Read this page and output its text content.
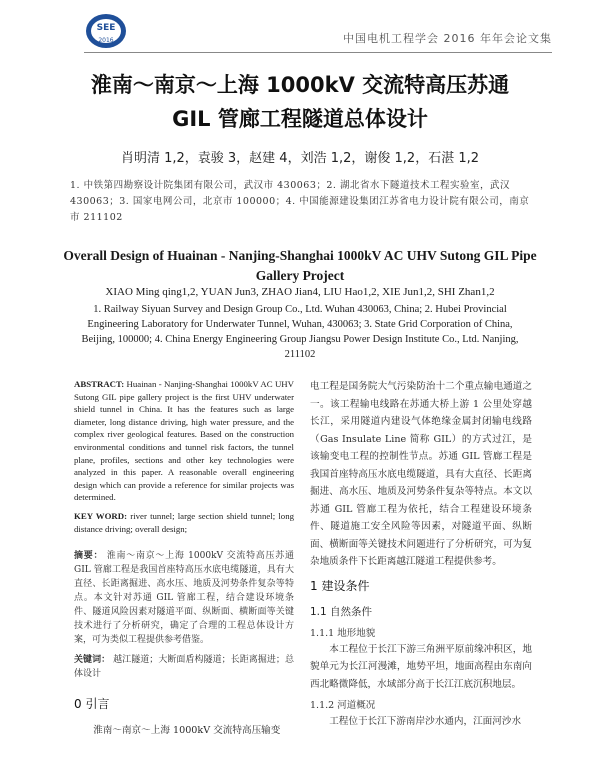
SEE
2016	中国电机工程学会 2016 年年会论文集
淮南～南京～上海 1000kV 交流特高压苏通
GIL 管廊工程隧道总体设计
肖明清 1,2，袁骏 3，赵建 4，刘浩 1,2，谢俊 1,2，石湛 1,2
1. 中铁第四勘察设计院集团有限公司，武汉市 430063；2. 湖北省水下隧道技术工程实验室，武汉 430063；3. 国家电网公司，北京市 100000；4. 中国能源建设集团江苏省电力设计院有限公司，南京市 211102
Overall Design of Huainan - Nanjing-Shanghai 1000kV AC UHV Sutong GIL Pipe Gallery Project
XIAO Ming qing1,2, YUAN Jun3, ZHAO Jian4, LIU Hao1,2, XIE Jun1,2, SHI Zhan1,2
1. Railway Siyuan Survey and Design Group Co., Ltd. Wuhan 430063, China; 2. Hubei Provincial Engineering Laboratory for Underwater Tunnel, Wuhan, 430063; 3. State Grid Corporation of China, Beijing, 100000; 4. China Energy Engineering Group Jiangsu Power Design Institute Co., Ltd. Nanjing, 211102

ABSTRACT: Huainan - Nanjing-Shanghai 1000kV AC UHV Sutong GIL pipe gallery project is the first UHV underwater shield tunnel in China. It has the features such as large diameter, long distance driving, high water pressure, and the complex river geological features. Based on the construction environmental conditions and tunnel risk factors, the tunnel plane, profiles, sections and other key technologies were analyzed in this paper. A reasonable overall engineering design which can provide a reference for similar projects was determined.

KEY WORD: river tunnel; large section shield tunnel; long distance driving; overall design;

摘要： 淮南～南京～上海 1000kV 交流特高压苏通 GIL 管廊工程是我国首座特高压水底电缆隧道，具有大直径、长距离掘进、高水压、地质及河势条件复杂等特点。本文针对苏通 GIL 管廊工程，结合建设环境条件、隧道风险因素对隧道平面、纵断面、横断面等关键技术进行了分析研究，确定了合理的工程总体设计方案，可为类似工程提供参考借鉴。

关键词： 越江隧道；大断面盾构隧道；长距离掘进；总体设计

0 引言

淮南～南京～上海 1000kV 交流特高压输变

电工程是国务院大气污染防治十二个重点输电通道之一。该工程输电线路在苏通大桥上游 1 公里处穿越长江，采用隧道内建设气体绝缘金属封闭输电线路（Gas Insulate Line 简称 GIL）的方式过江，是该输变电工程的控制性节点。苏通 GIL 管廊工程是我国首座特高压水底电缆隧道，具有大直径、长距离掘进、高水压、地质及河势条件复杂等特点。本文以苏通 GIL 管廊工程为依托，结合工程建设环境条件、隧道施工安全风险等因素，对隧道平面、纵断面、横断面等关键技术问题进行了分析研究，可为复杂地质条件下长距离越江隧道工程提供参考。

1 建设条件
1.1 自然条件
1.1.1 地形地貌

本工程位于长江下游三角洲平原前缘冲积区，地貌单元为长江河漫滩，地势平坦，地面高程由东南向西北略微降低，水域部分高于长江江底沉积地层。

1.1.2 河道概况

工程位于长江下游南岸沙水通内，江面河沙水
